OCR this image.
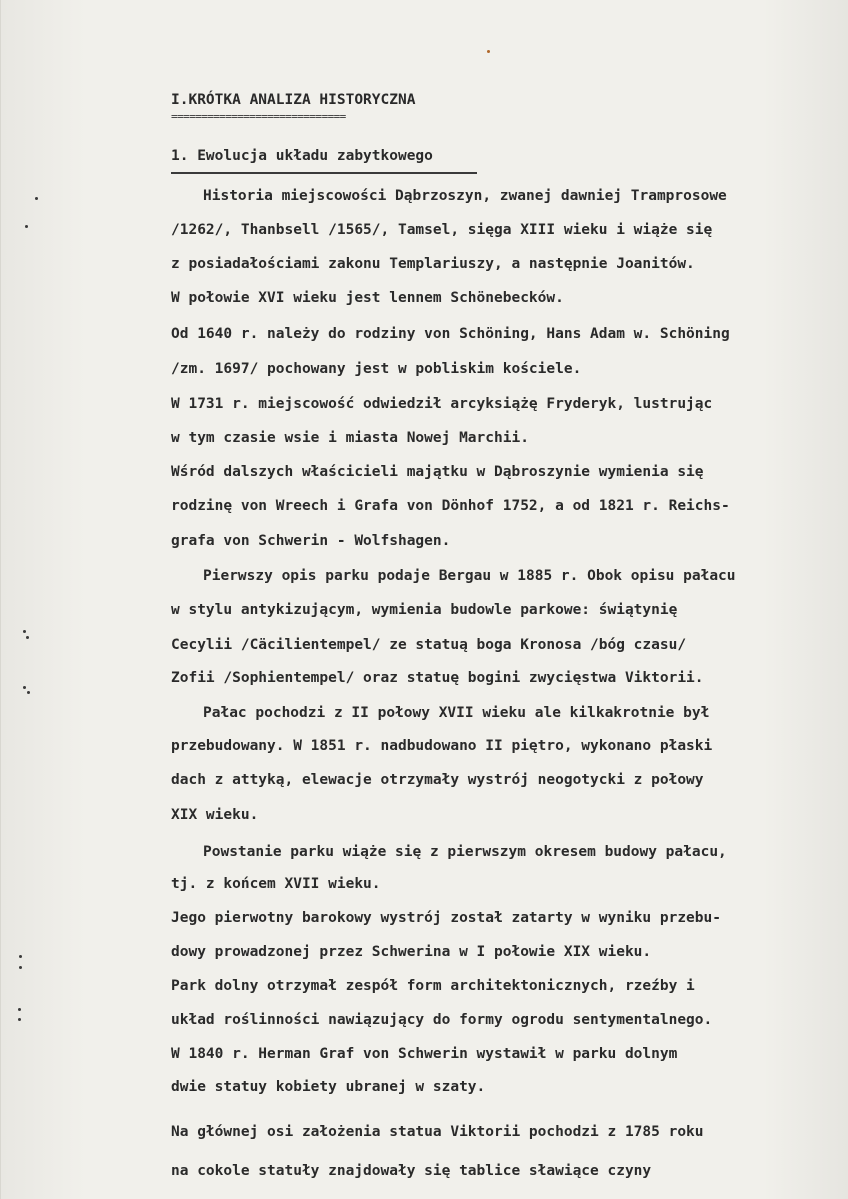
I.KRÓTKA ANALIZA HISTORYCZNA
=============================
1. Ewolucja układu zabytkowego
Historia miejscowości Dąbrzoszyn, zwanej dawniej Tramprosowe
/1262/, Thanbsell /1565/, Tamsel, sięga XIII wieku i wiąże się
z posiadałościami zakonu Templariuszy, a następnie Joanitów.
W połowie XVI wieku jest lennem Schönebecków.
Od 1640 r. należy do rodziny von Schöning, Hans Adam w. Schöning
/zm. 1697/ pochowany jest w pobliskim kościele.
W 1731 r. miejscowość odwiedził arcyksiążę Fryderyk, lustrując
w tym czasie wsie i miasta Nowej Marchii.
Wśród dalszych właścicieli majątku w Dąbroszynie wymienia się
rodzinę von Wreech i Grafa von Dönhof 1752, a od 1821 r. Reichs-
grafa von Schwerin - Wolfshagen.
Pierwszy opis parku podaje Bergau w 1885 r. Obok opisu pałacu
w stylu antykizującym, wymienia budowle parkowe: świątynię
Cecylii /Cäcilientempel/ ze statuą boga Kronosa /bóg czasu/
Zofii /Sophientempel/ oraz statuę bogini zwycięstwa Viktorii.
Pałac pochodzi z II połowy XVII wieku ale kilkakrotnie był
przebudowany. W 1851 r. nadbudowano II piętro, wykonano płaski
dach z attyką, elewacje otrzymały wystrój neogotycki z połowy
XIX wieku.
Powstanie parku wiąże się z pierwszym okresem budowy pałacu,
tj. z końcem XVII wieku.
Jego pierwotny barokowy wystrój został zatarty w wyniku przebu-
dowy prowadzonej przez Schwerina w I połowie XIX wieku.
Park dolny otrzymał zespół form architektonicznych, rzeźby i
układ roślinności nawiązujący do formy ogrodu sentymentalnego.
W 1840 r. Herman Graf von Schwerin wystawił w parku dolnym
dwie statuy kobiety ubranej w szaty.
Na głównej osi założenia statua Viktorii pochodzi z 1785 roku
na cokole statuły znajdowały się tablice sławiące czyny
